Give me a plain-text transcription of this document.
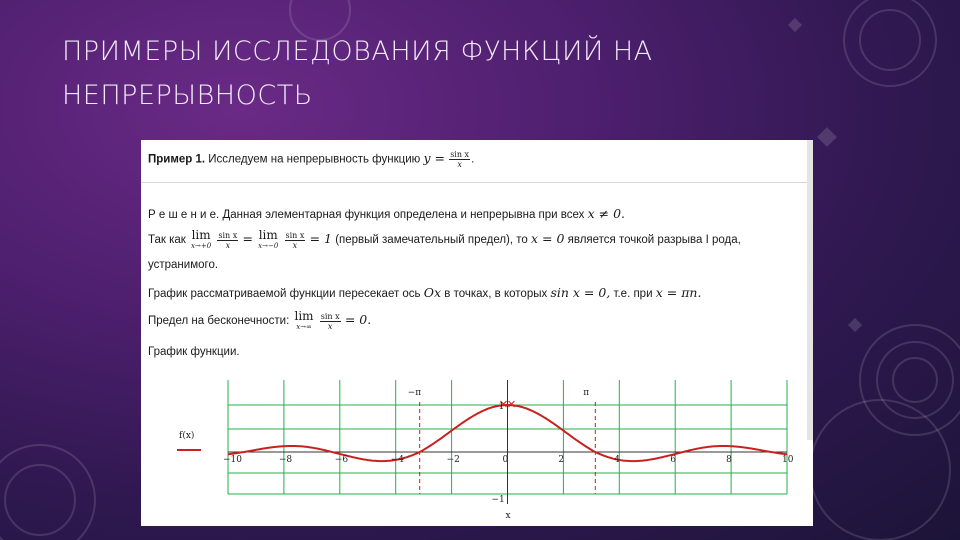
ПРИМЕРЫ ИССЛЕДОВАНИЯ ФУНКЦИЙ НА
НЕПРЕРЫВНОСТЬ
Пример 1. Исследуем на непрерывность функцию $y = \frac{\text{sin x}}{x}$ .
Р е ш е н и е. Данная элементарная функция определена и непрерывна при всех x ≠ 0.
Так как lim
x→+0
$\frac{\text{sin x}}{x} = \lim$
x→−0
$\frac{\text{sin x}}{x} = 1$ (первый замечательный предел), то x = 0 является точкой разрыва I рода,
устранимого.
График рассматриваемой функции пересекает ось Ox в точках, в которых sin x = 0, т.е. при x = πn.
Предел на бесконечности: lim
x→∞
$\frac{\text{sin x}}{x} = 0$.
График функции.
−π	π
−10	−8	−6	−4	−2	0	2	4	6	8	10
1
−1
x
f(x)
